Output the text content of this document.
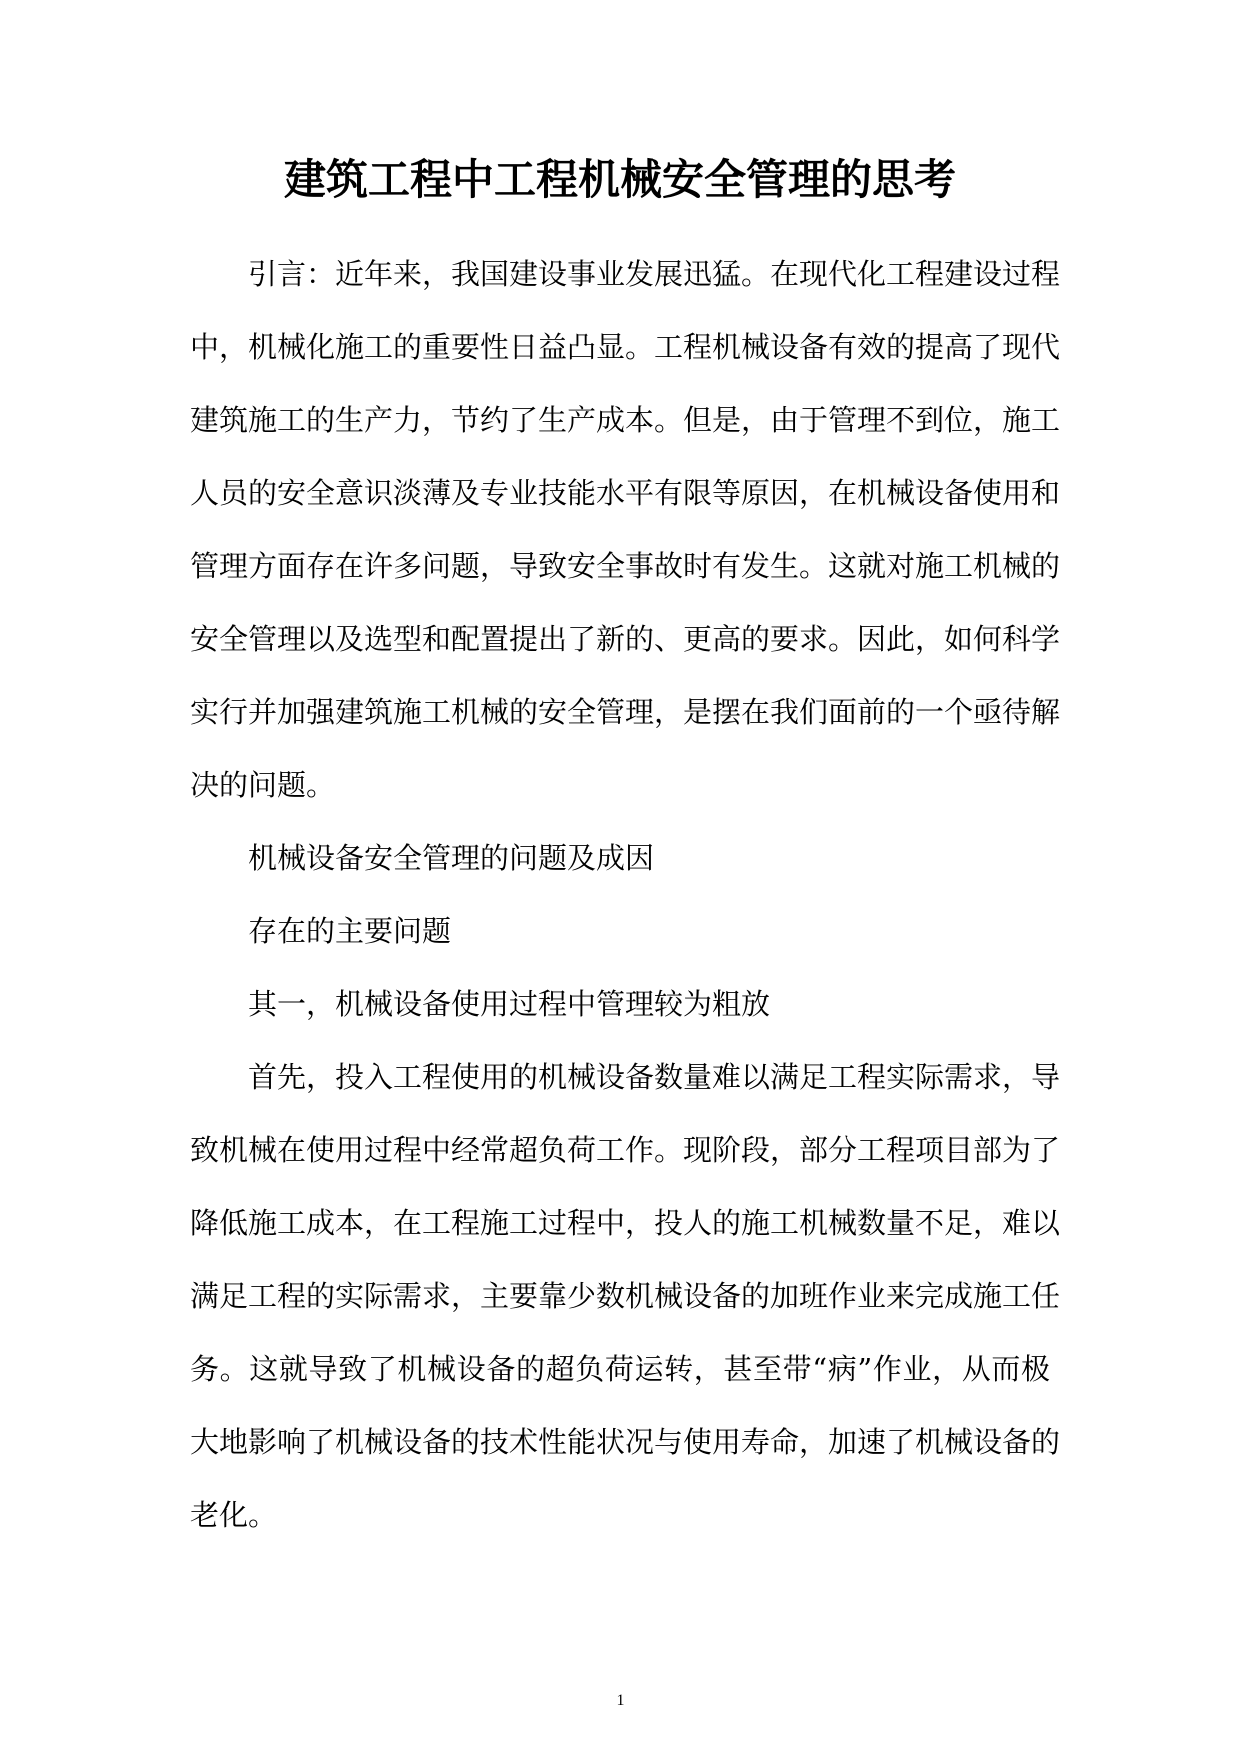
建筑工程中工程机械安全管理的思考
引言：近年来，我国建设事业发展迅猛。在现代化工程建设过程
中，机械化施工的重要性日益凸显。工程机械设备有效的提高了现代
建筑施工的生产力，节约了生产成本。但是，由于管理不到位，施工
人员的安全意识淡薄及专业技能水平有限等原因，在机械设备使用和
管理方面存在许多问题，导致安全事故时有发生。这就对施工机械的
安全管理以及选型和配置提出了新的、更高的要求。因此，如何科学
实行并加强建筑施工机械的安全管理，是摆在我们面前的一个亟待解
决的问题。
机械设备安全管理的问题及成因
存在的主要问题
其一，机械设备使用过程中管理较为粗放
首先，投入工程使用的机械设备数量难以满足工程实际需求，导
致机械在使用过程中经常超负荷工作。现阶段，部分工程项目部为了
降低施工成本，在工程施工过程中，投人的施工机械数量不足，难以
满足工程的实际需求，主要靠少数机械设备的加班作业来完成施工任
务。这就导致了机械设备的超负荷运转，甚至带“病”作业，从而极
大地影响了机械设备的技术性能状况与使用寿命，加速了机械设备的
老化。
1
